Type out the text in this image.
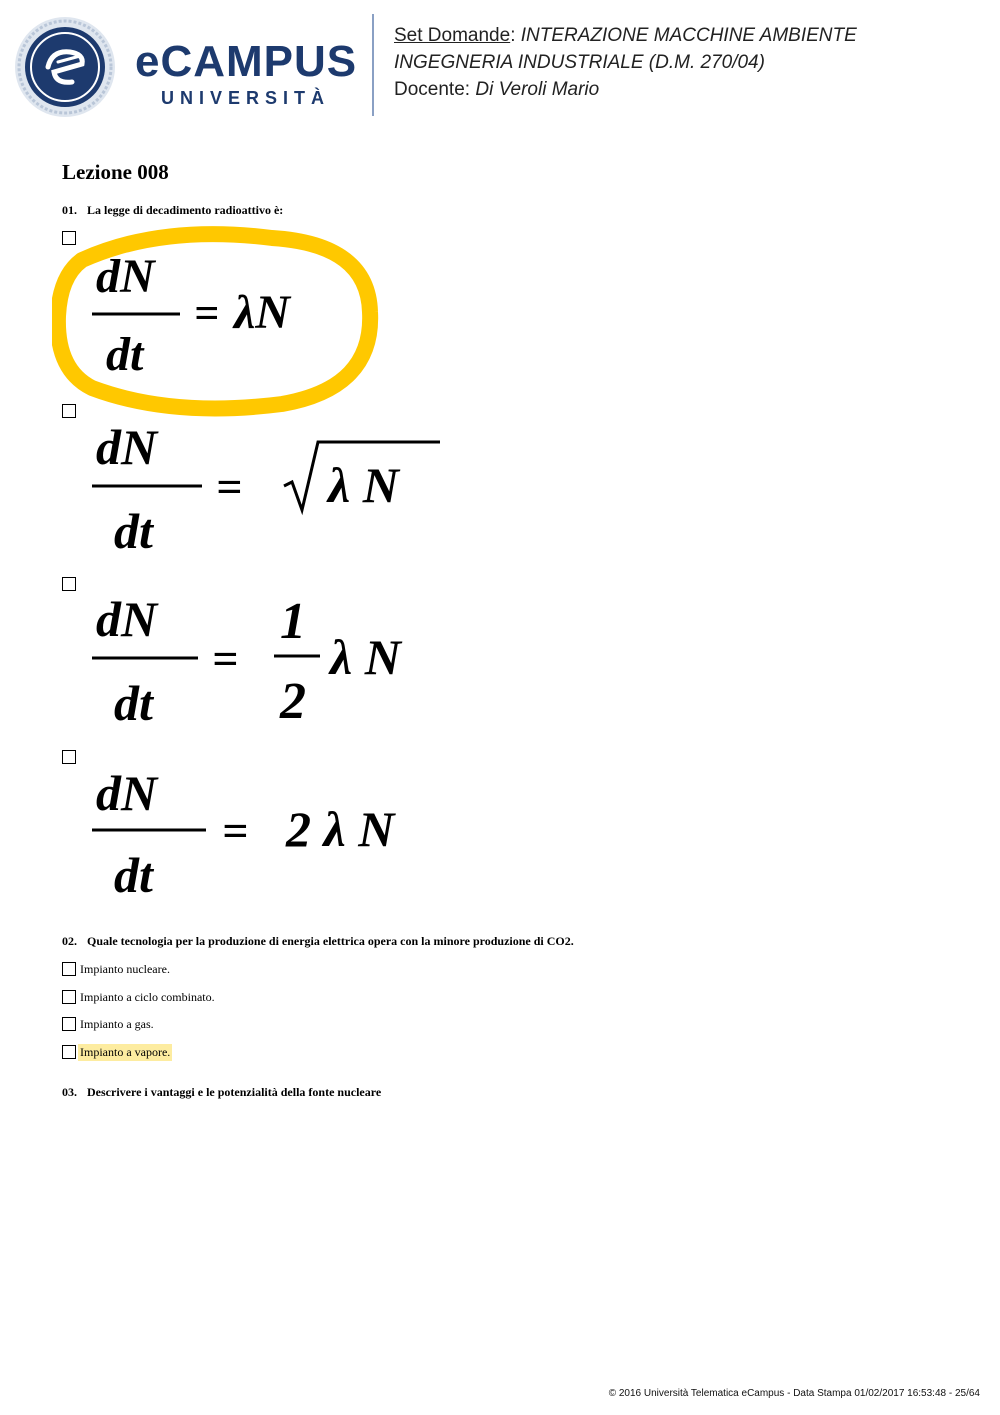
eCAMPUS
UNIVERSITÀ
Set Domande: INTERAZIONE MACCHINE AMBIENTE
INGEGNERIA INDUSTRIALE (D.M. 270/04)
Docente: Di Veroli Mario
Lezione 008
01. La legge di decadimento radioattivo è:
dN
dt
= λN
dN
dt
= λ N
dN
dt
=
1
2
λ N
dN
dt
= 2 λ N
02. Quale tecnologia per la produzione di energia elettrica opera con la minore produzione di CO2.
Impianto nucleare.
Impianto a ciclo combinato.
Impianto a gas.
Impianto a vapore.
03. Descrivere i vantaggi e le potenzialità della fonte nucleare
© 2016 Università Telematica eCampus - Data Stampa 01/02/2017 16:53:48 - 25/64
